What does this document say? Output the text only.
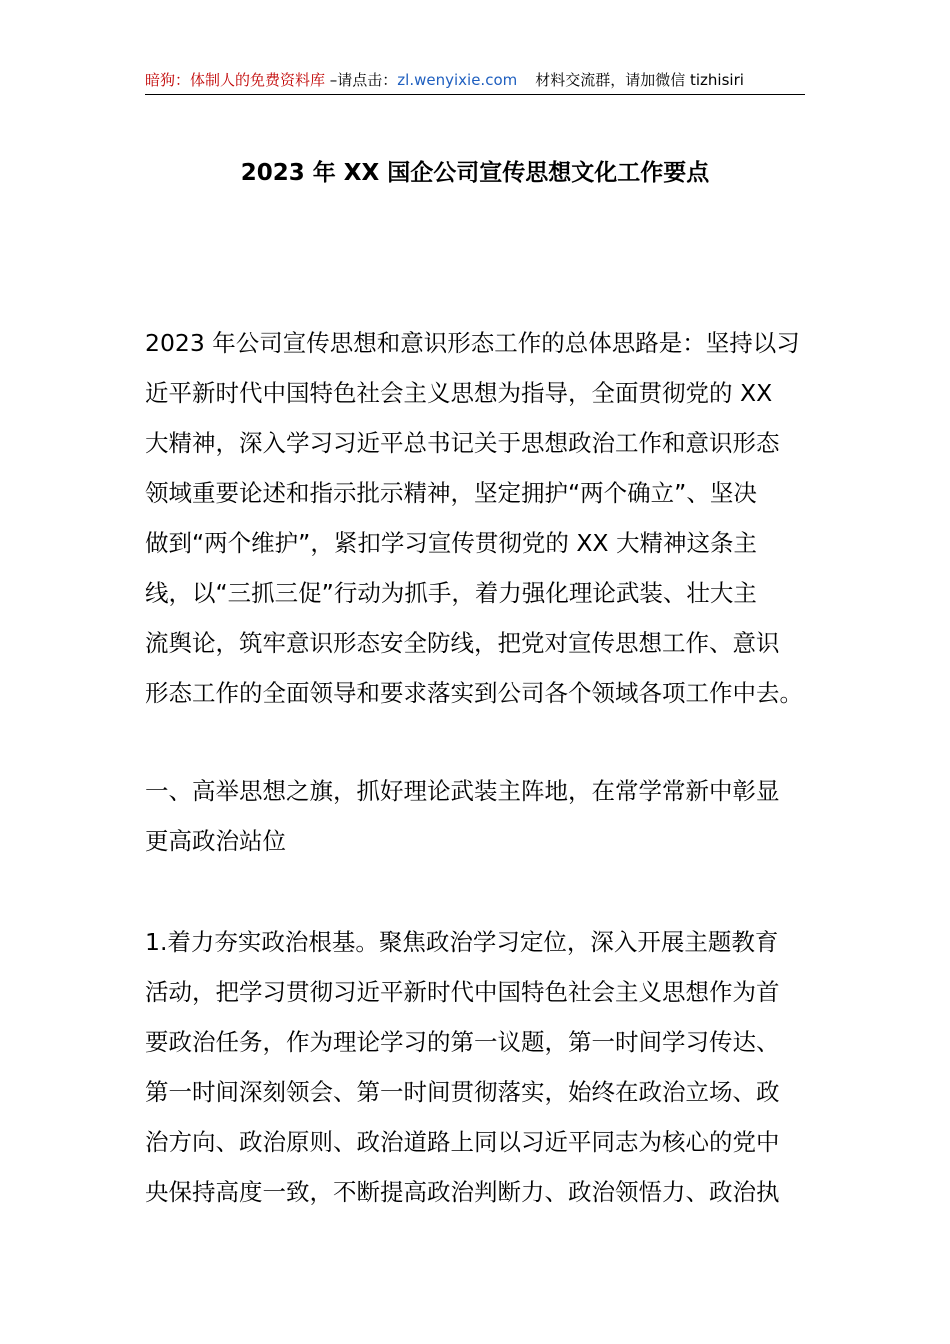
暗狗：体制人的免费资料库 –请点击：zl.wenyixie.com 材料交流群，请加微信 tizhisiri
2023 年 XX 国企公司宣传思想文化工作要点
2023 年公司宣传思想和意识形态工作的总体思路是：坚持以习
近平新时代中国特色社会主义思想为指导，全面贯彻党的 XX
大精神，深入学习习近平总书记关于思想政治工作和意识形态
领域重要论述和指示批示精神，坚定拥护“两个确立”、坚决
做到“两个维护”，紧扣学习宣传贯彻党的 XX 大精神这条主
线，以“三抓三促”行动为抓手，着力强化理论武装、壮大主
流舆论，筑牢意识形态安全防线，把党对宣传思想工作、意识
形态工作的全面领导和要求落实到公司各个领域各项工作中去。
一、高举思想之旗，抓好理论武装主阵地，在常学常新中彰显
更高政治站位
1.着力夯实政治根基。聚焦政治学习定位，深入开展主题教育
活动，把学习贯彻习近平新时代中国特色社会主义思想作为首
要政治任务，作为理论学习的第一议题，第一时间学习传达、
第一时间深刻领会、第一时间贯彻落实，始终在政治立场、政
治方向、政治原则、政治道路上同以习近平同志为核心的党中
央保持高度一致，不断提高政治判断力、政治领悟力、政治执
